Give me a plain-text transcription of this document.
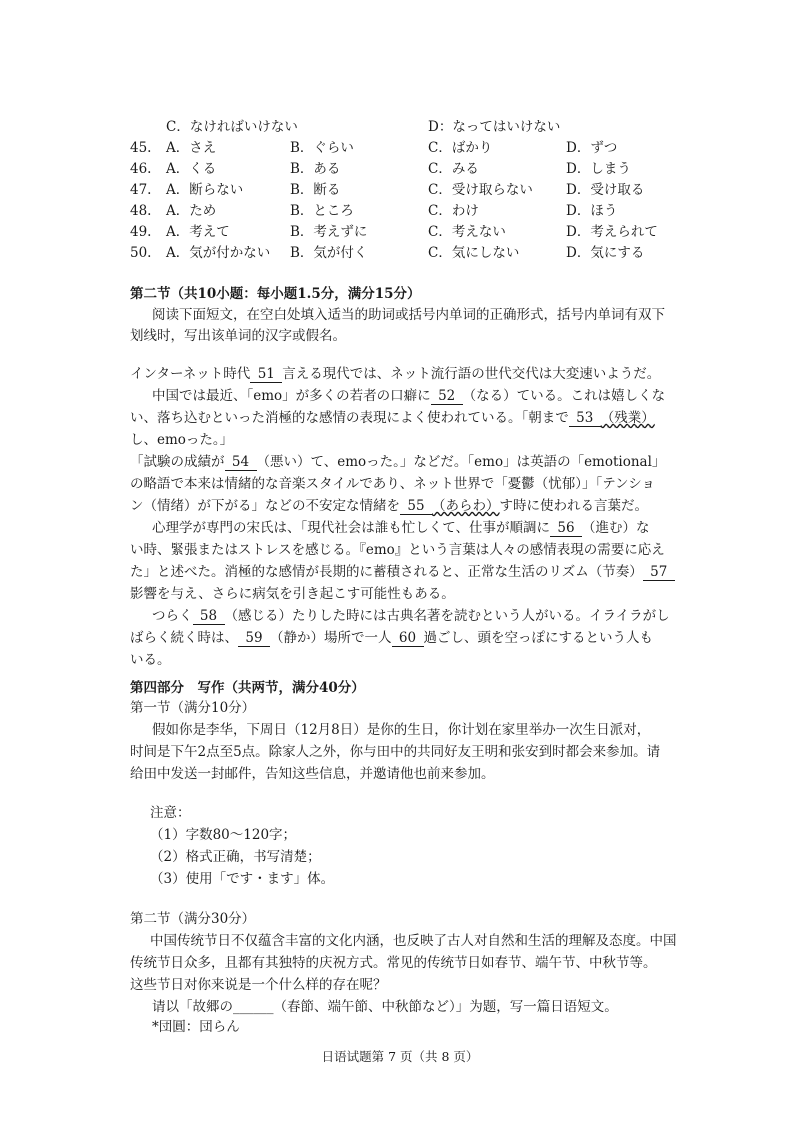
C．なければいけない	D：なってはいけない
45.	A．さえ	B．ぐらい	C．ばかり	D．ずつ
46.	A．くる	B．ある	C．みる	D．しまう
47.	A．断らない	B．断る	C．受け取らない D．受け取る
48.	A．ため	B．ところ	C．わけ	D．ほう
49.	A．考えて	B．考えずに	C．考えない	D．考えられて
50.	A．気が付かない B．気が付く	C．気にしない	D．気にする
第二节（共10小题：每小题1.5分，满分15分）
阅读下面短文，在空白处填入适当的助词或括号内单词的正确形式，括号内单词有双下
划线时，写出该单词的汉字或假名。
インターネット時代 51 言える現代では、ネット流行語の世代交代は大変速いようだ。
中国では最近、「emo」が多くの若者の口癖に 52 （なる）ている。これは嬉しくな
い、落ち込むといった消極的な感情の表現によく使われている。「朝まで 53 （残業）
し、emoった。」
「試験の成績が 54 （悪い）て、emoった。」などだ。「emo」は英語の「emotional」
の略語で本来は情緒的な音楽スタイルであり、ネット世界で「憂鬱（忧郁）」「テンショ
ン（情绪）が下がる」などの不安定な情緒を 55 （あらわ）す時に使われる言葉だ。
心理学が専門の宋氏は、「現代社会は誰も忙しくて、仕事が順調に 56 （進む）な
い時、緊張またはストレスを感じる。『emo』という言葉は人々の感情表現の需要に応え
た」と述べた。消極的な感情が長期的に蓄積されると、正常な生活のリズム（节奏） 57
影響を与え、さらに病気を引き起こす可能性もある。
つらく 58 （感じる）たりした時には古典名著を読むという人がいる。イライラがし
ばらく続く時は、 59 （静か）場所で一人 60 過ごし、頭を空っぽにするという人も
いる。
第四部分　写作（共两节，满分40分）
第一节（满分10分）
假如你是李华，下周日（12月8日）是你的生日，你计划在家里举办一次生日派对，
时间是下午2点至5点。除家人之外，你与田中的共同好友王明和张安到时都会来参加。请
给田中发送一封邮件，告知这些信息，并邀请他也前来参加。
注意：
（1）字数80～120字；
（2）格式正确，书写清楚；
（3）使用「です・ます」体。
第二节（满分30分）
中国传统节日不仅蕴含丰富的文化内涵，也反映了古人对自然和生活的理解及态度。中国
传统节日众多，且都有其独特的庆祝方式。常见的传统节日如春节、端午节、中秋节等。
这些节日对你来说是一个什么样的存在呢？
请以「故郷の______（春節、端午節、中秋節など）」为题，写一篇日语短文。
*団圓：団らん
日语试题第 7 页（共 8 页）
